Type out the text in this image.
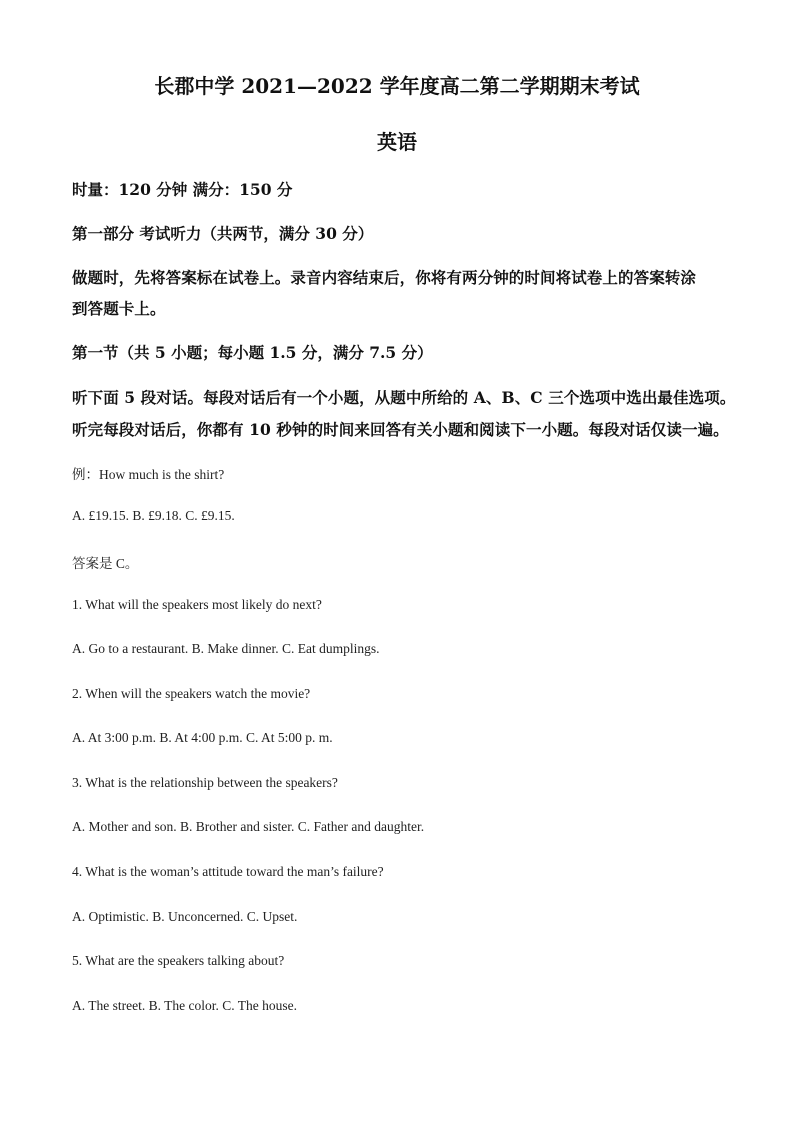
长郡中学 2021—2022 学年度高二第二学期期末考试
英语
时量：120 分钟 满分：150 分
第一部分 考试听力（共两节，满分 30 分）
做题时，先将答案标在试卷上。录音内容结束后，你将有两分钟的时间将试卷上的答案转涂
到答题卡上。
第一节（共 5 小题；每小题 1.5 分，满分 7.5 分）
听下面 5 段对话。每段对话后有一个小题，从题中所给的 A、B、C 三个选项中选出最佳选项。
听完每段对话后，你都有 10 秒钟的时间来回答有关小题和阅读下一小题。每段对话仅读一遍。
例：How much is the shirt?
A. £19.15. B. £9.18. C. £9.15.
答案是 C。
1. What will the speakers most likely do next?
A. Go to a restaurant. B. Make dinner. C. Eat dumplings.
2. When will the speakers watch the movie?
A. At 3:00 p.m. B. At 4:00 p.m. C. At 5:00 p. m.
3. What is the relationship between the speakers?
A. Mother and son. B. Brother and sister. C. Father and daughter.
4. What is the woman’s attitude toward the man’s failure?
A. Optimistic. B. Unconcerned. C. Upset.
5. What are the speakers talking about?
A. The street. B. The color. C. The house.
